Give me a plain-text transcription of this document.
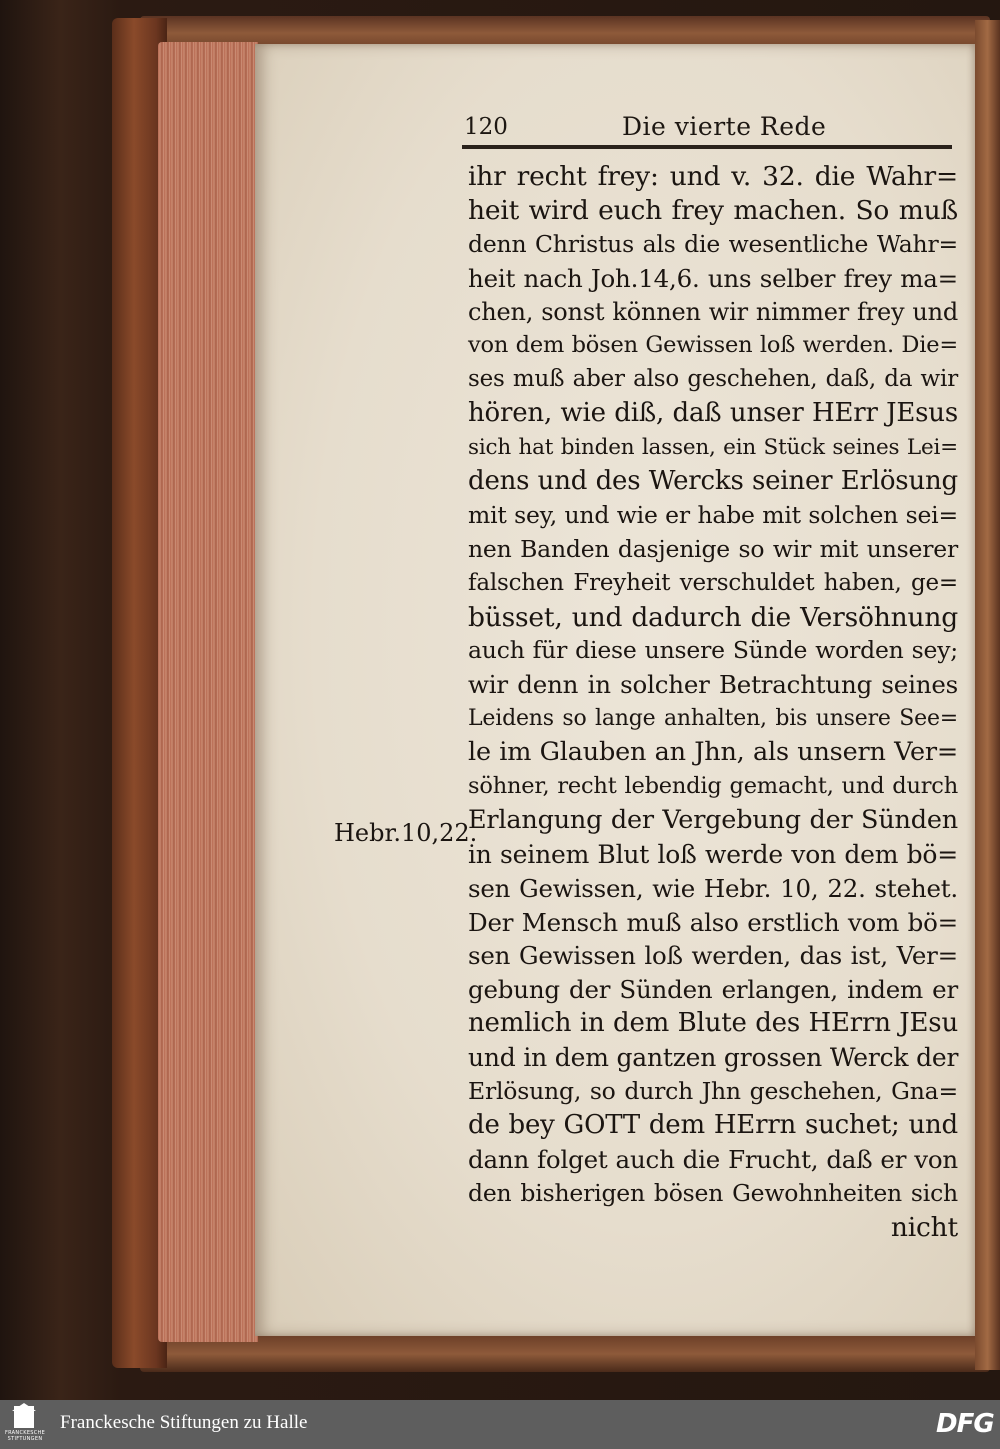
120	Die vierte Rede
Hebr.10,22.
ihr recht frey: und v. 32. die Wahr=
heit wird euch frey machen. So muß
denn Christus als die wesentliche Wahr=
heit nach Joh.14,6. uns selber frey ma=
chen, sonst können wir nimmer frey und
von dem bösen Gewissen loß werden. Die=
ses muß aber also geschehen, daß, da wir
hören, wie diß, daß unser HErr JEsus
sich hat binden lassen, ein Stück seines Lei=
dens und des Wercks seiner Erlösung
mit sey, und wie er habe mit solchen sei=
nen Banden dasjenige so wir mit unserer
falschen Freyheit verschuldet haben, ge=
büsset, und dadurch die Versöhnung
auch für diese unsere Sünde worden sey;
wir denn in solcher Betrachtung seines
Leidens so lange anhalten, bis unsere See=
le im Glauben an Jhn, als unsern Ver=
söhner, recht lebendig gemacht, und durch
Erlangung der Vergebung der Sünden
in seinem Blut loß werde von dem bö=
sen Gewissen, wie Hebr. 10, 22. stehet.
Der Mensch muß also erstlich vom bö=
sen Gewissen loß werden, das ist, Ver=
gebung der Sünden erlangen, indem er
nemlich in dem Blute des HErrn JEsu
und in dem gantzen grossen Werck der
Erlösung, so durch Jhn geschehen, Gna=
de bey GOTT dem HErrn suchet; und
dann folget auch die Frucht, daß er von
den bisherigen bösen Gewohnheiten sich
nicht
FRANCKESCHE
STIFTUNGEN
Franckesche Stiftungen zu Halle	DFG
